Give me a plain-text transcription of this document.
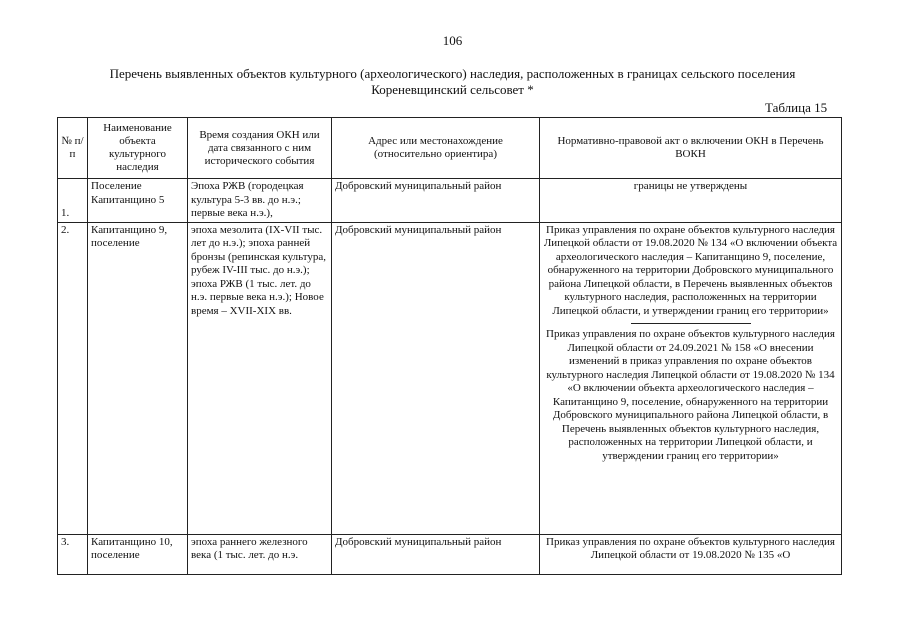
106
Перечень выявленных объектов культурного (археологического) наследия, расположенных в границах сельского поселения Кореневщинский сельсовет *
Таблица 15
№ п/п	Наименование объекта культурного наследия	Время создания ОКН или дата связанного с ним исторического события	Адрес или местонахождение (относительно ориентира)	Нормативно-правовой акт о включении ОКН в Перечень ВОКН
1.	Поселение Капитанщино 5	Эпоха РЖВ (городецкая культура 5-3 вв. до н.э.; первые века н.э.),	Добровский муниципальный район	границы не утверждены

2.	Капитанщино 9, поселение	эпоха мезолита (IX-VII тыс. лет до н.э.); эпоха ранней бронзы (репинская культура, рубеж IV-III тыс. до н.э.); эпоха РЖВ (1 тыс. лет. до н.э. первые века н.э.); Новое время – XVII-XIX вв.	Добровский муниципальный район	Приказ управления по охране объектов культурного наследия Липецкой области от 19.08.2020 № 134 «О включении объекта археологического наследия – Капитанщино 9, поселение, обнаруженного на территории Добровского муниципального района Липецкой области, в Перечень выявленных объектов культурного наследия, расположенных на территории Липецкой области, и утверждении границ его территории»
Приказ управления по охране объектов культурного наследия Липецкой области от 24.09.2021 № 158 «О внесении изменений в приказ управления по охране объектов культурного наследия Липецкой области от 19.08.2020 № 134 «О включении объекта археологического наследия – Капитанщино 9, поселение, обнаруженного на территории Добровского муниципального района Липецкой области, в Перечень выявленных объектов культурного наследия, расположенных на территории Липецкой области, и утверждении границ его территории»

3.	Капитанщино 10, поселение	эпоха раннего железного века (1 тыс. лет. до н.э.	Добровский муниципальный район	Приказ управления по охране объектов культурного наследия Липецкой области от 19.08.2020 № 135 «О
